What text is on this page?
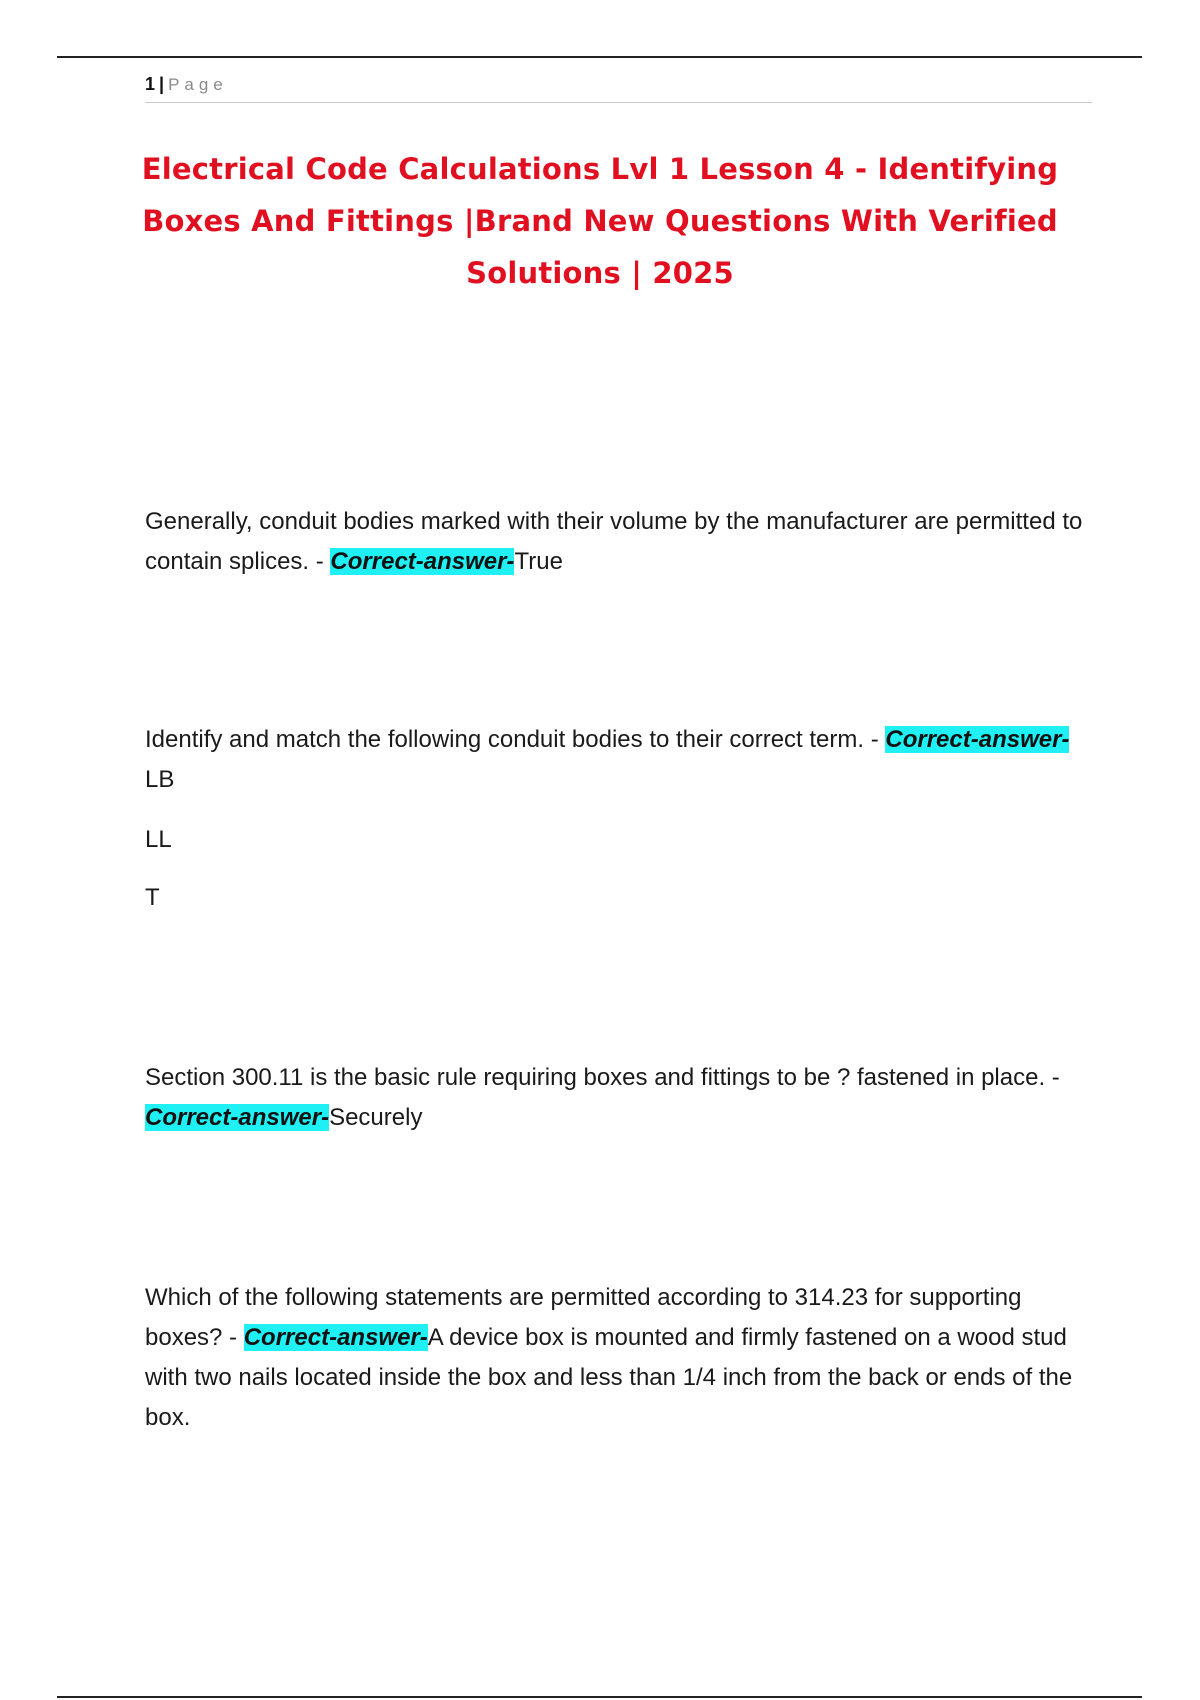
1 | Page
Electrical Code Calculations Lvl 1 Lesson 4 - Identifying Boxes And Fittings |Brand New Questions With Verified Solutions | 2025

Generally, conduit bodies marked with their volume by the manufacturer are permitted to contain splices. - Correct-answer-True

Identify and match the following conduit bodies to their correct term. - Correct-answer-LB

LL

T

Section 300.11 is the basic rule requiring boxes and fittings to be ? fastened in place. - Correct-answer-Securely

Which of the following statements are permitted according to 314.23 for supporting boxes? - Correct-answer-A device box is mounted and firmly fastened on a wood stud with two nails located inside the box and less than 1/4 inch from the back or ends of the box.
